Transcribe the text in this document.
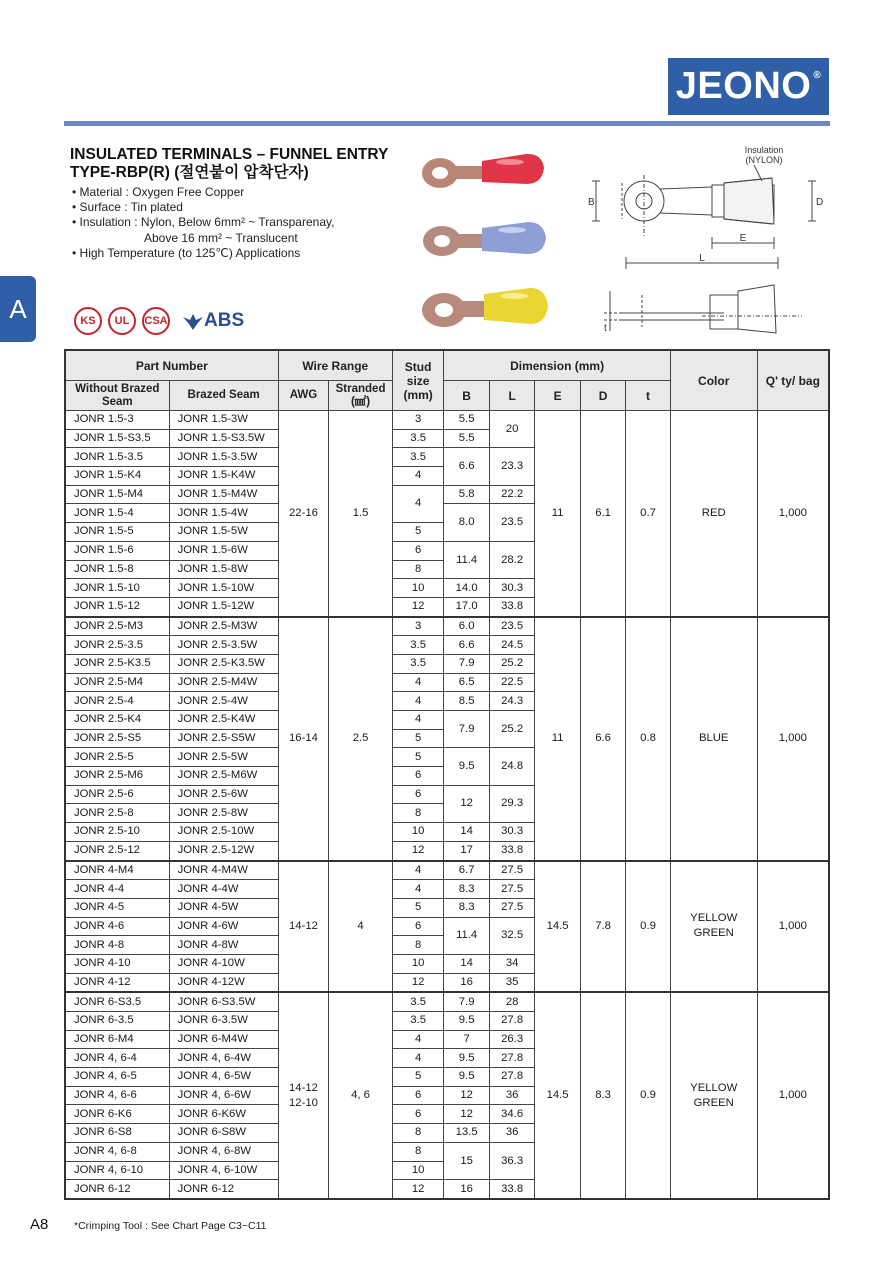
JEONO ®
A
INSULATED TERMINALS – FUNNEL ENTRY
TYPE-RBP(R) (절연붙이 압착단자)
• Material : Oxygen Free Copper
• Surface : Tin plated
• Insulation : Nylon, Below 6mm² ~ Transparenay,
Above 16 mm² ~ Translucent
• High Temperature (to 125℃) Applications
KS	UL	CSA ABS
Insulation
(NYLON)
B	D
E
L
t
Part Number		Wire Range		Stud size (mm)	Dimension (mm)					Color	Q' ty/ bag
Without Brazed Seam	Brazed Seam	AWG	Stranded (㎟)								
					B	L	E	D	t		
JONR 1.5-3	JONR 1.5-3W	22-16	1.5	3	5.5	20	11	6.1	0.7	RED	1,000
JONR 1.5-S3.5	JONR 1.5-S3.5W			3.5	5.5						
JONR 1.5-3.5	JONR 1.5-3.5W			3.5	6.6	23.3					
JONR 1.5-K4	JONR 1.5-K4W			4							
JONR 1.5-M4	JONR 1.5-M4W			4	5.8	22.2					
JONR 1.5-4	JONR 1.5-4W				8.0	23.5					
JONR 1.5-5	JONR 1.5-5W			5							
JONR 1.5-6	JONR 1.5-6W			6	11.4	28.2					
JONR 1.5-8	JONR 1.5-8W			8							
JONR 1.5-10	JONR 1.5-10W			10	14.0	30.3					
JONR 1.5-12	JONR 1.5-12W			12	17.0	33.8					
JONR 2.5-M3	JONR 2.5-M3W	16-14	2.5	3	6.0	23.5	11	6.6	0.8	BLUE	1,000
JONR 2.5-3.5	JONR 2.5-3.5W			3.5	6.6	24.5					
JONR 2.5-K3.5	JONR 2.5-K3.5W			3.5	7.9	25.2					
JONR 2.5-M4	JONR 2.5-M4W			4	6.5	22.5					
JONR 2.5-4	JONR 2.5-4W			4	8.5	24.3					
JONR 2.5-K4	JONR 2.5-K4W			4	7.9	25.2					
JONR 2.5-S5	JONR 2.5-S5W			5							
JONR 2.5-5	JONR 2.5-5W			5	9.5	24.8					
JONR 2.5-M6	JONR 2.5-M6W			6							
JONR 2.5-6	JONR 2.5-6W			6	12	29.3					
JONR 2.5-8	JONR 2.5-8W			8							
JONR 2.5-10	JONR 2.5-10W			10	14	30.3					
JONR 2.5-12	JONR 2.5-12W			12	17	33.8					
JONR 4-M4	JONR 4-M4W	14-12	4	4	6.7	27.5	14.5	7.8	0.9	YELLOW GREEN	1,000
JONR 4-4	JONR 4-4W			4	8.3	27.5					
JONR 4-5	JONR 4-5W			5	8.3	27.5					
JONR 4-6	JONR 4-6W			6	11.4	32.5					
JONR 4-8	JONR 4-8W			8							
JONR 4-10	JONR 4-10W			10	14	34					
JONR 4-12	JONR 4-12W			12	16	35					
JONR 6-S3.5	JONR 6-S3.5W	14-12 12-10	4, 6	3.5	7.9	28	14.5	8.3	0.9	YELLOW GREEN	1,000
JONR 6-3.5	JONR 6-3.5W			3.5	9.5	27.8					
JONR 6-M4	JONR 6-M4W			4	7	26.3					
JONR 4, 6-4	JONR 4, 6-4W			4	9.5	27.8					
JONR 4, 6-5	JONR 4, 6-5W			5	9.5	27.8					
JONR 4, 6-6	JONR 4, 6-6W			6	12	36					
JONR 6-K6	JONR 6-K6W			6	12	34.6					
JONR 6-S8	JONR 6-S8W			8	13.5	36					
JONR 4, 6-8	JONR 4, 6-8W			8	15	36.3					
JONR 4, 6-10	JONR 4, 6-10W			10							
JONR 6-12	JONR 6-12			12	16	33.8					
A8 *Crimping Tool : See Chart Page C3~C11
